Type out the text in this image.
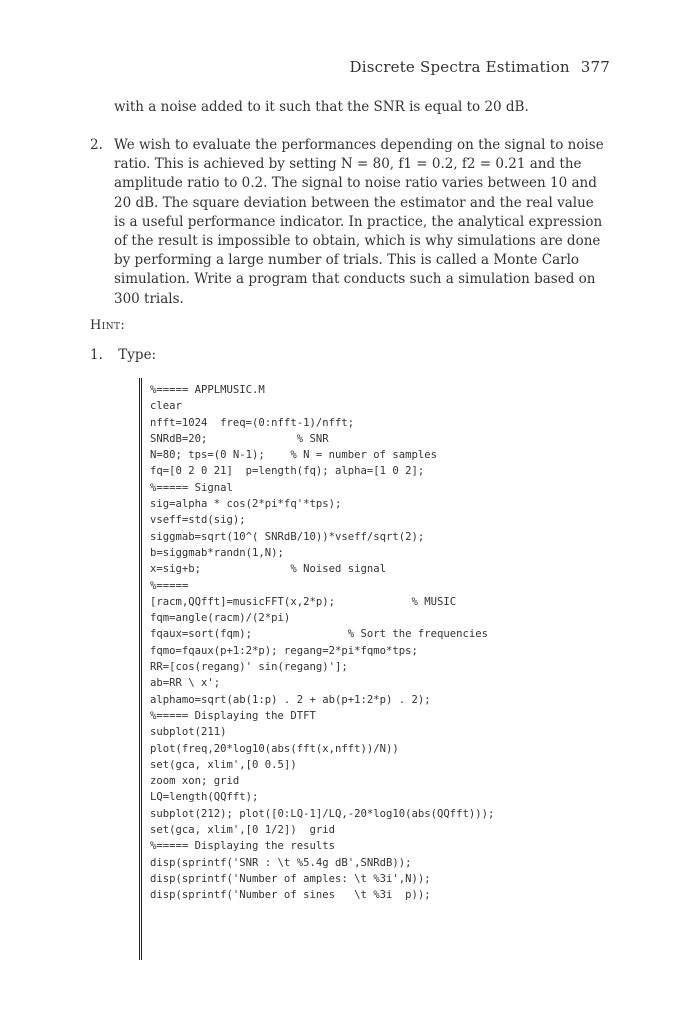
Discrete Spectra Estimation 377
with a noise added to it such that the SNR is equal to 20 dB.
2. We wish to evaluate the performances depending on the signal to noise
ratio. This is achieved by setting N = 80, f1 = 0.2, f2 = 0.21 and the
amplitude ratio to 0.2. The signal to noise ratio varies between 10 and
20 dB. The square deviation between the estimator and the real value
is a useful performance indicator. In practice, the analytical expression
of the result is impossible to obtain, which is why simulations are done
by performing a large number of trials. This is called a Monte Carlo
simulation. Write a program that conducts such a simulation based on
300 trials.

Hint:
1. Type:
%===== APPLMUSIC.M
clear
nfft=1024  freq=(0:nfft-1)/nfft;
SNRdB=20;              % SNR
N=80; tps=(0 N-1);    % N = number of samples
fq=[0 2 0 21]  p=length(fq); alpha=[1 0 2];
%===== Signal
sig=alpha * cos(2*pi*fq'*tps);
vseff=std(sig);
siggmab=sqrt(10^( SNRdB/10))*vseff/sqrt(2);
b=siggmab*randn(1,N);
x=sig+b;              % Noised signal
%=====
[racm,QQfft]=musicFFT(x,2*p);            % MUSIC
fqm=angle(racm)/(2*pi)
fqaux=sort(fqm);               % Sort the frequencies
fqmo=fqaux(p+1:2*p); regang=2*pi*fqmo*tps;
RR=[cos(regang)' sin(regang)'];
ab=RR \ x';
alphamo=sqrt(ab(1:p) . 2 + ab(p+1:2*p) . 2);
%===== Displaying the DTFT
subplot(211)
plot(freq,20*log10(abs(fft(x,nfft))/N))
set(gca, xlim',[0 0.5])
zoom xon; grid
LQ=length(QQfft);
subplot(212); plot([0:LQ-1]/LQ,-20*log10(abs(QQfft)));
set(gca, xlim',[0 1/2])  grid
%===== Displaying the results
disp(sprintf('SNR : \t %5.4g dB',SNRdB));
disp(sprintf('Number of amples: \t %3i',N));
disp(sprintf('Number of sines   \t %3i  p));
